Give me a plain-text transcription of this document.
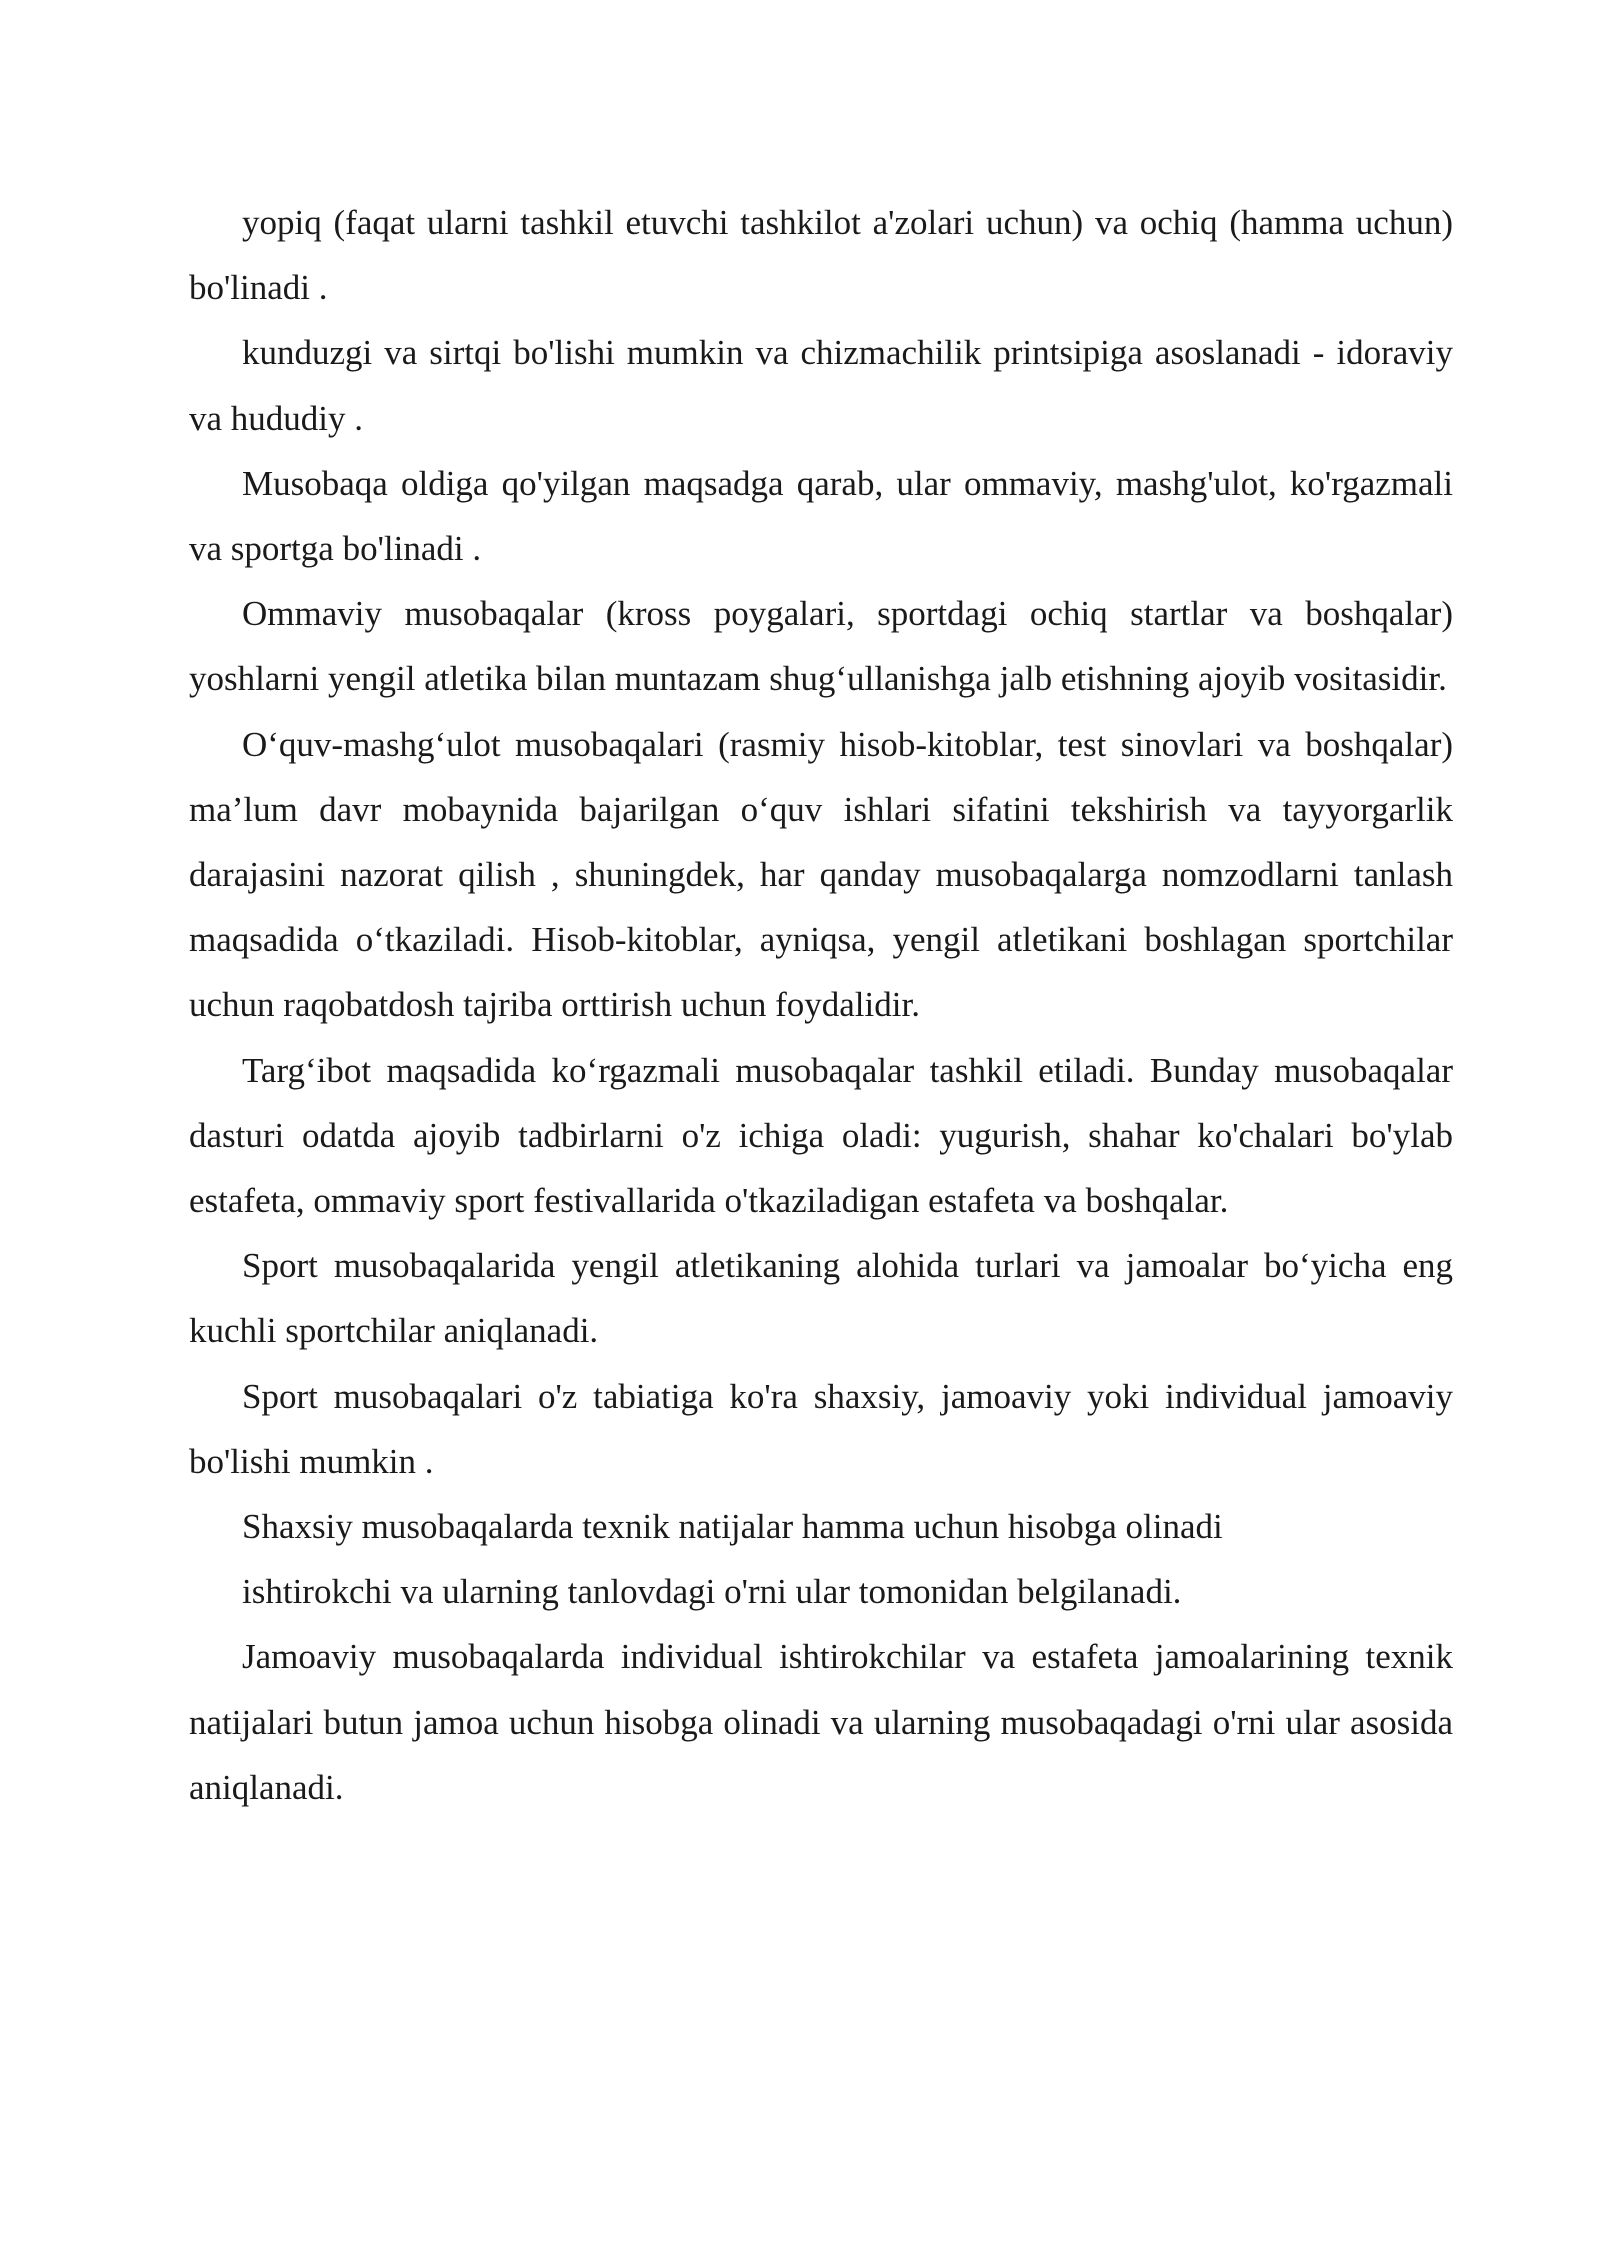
yopiq (faqat ularni tashkil etuvchi tashkilot a'zolari uchun) va ochiq (hamma uchun) bo'linadi .

kunduzgi va sirtqi bo'lishi mumkin va chizmachilik printsipiga asoslanadi - idoraviy va hududiy .

Musobaqa oldiga qo'yilgan maqsadga qarab, ular ommaviy, mashg'ulot, ko'rgazmali va sportga bo'linadi .

Ommaviy musobaqalar (kross poygalari, sportdagi ochiq startlar va boshqalar) yoshlarni yengil atletika bilan muntazam shug‘ullanishga jalb etishning ajoyib vositasidir.

O‘quv-mashg‘ulot musobaqalari (rasmiy hisob-kitoblar, test sinovlari va boshqalar) ma’lum davr mobaynida bajarilgan o‘quv ishlari sifatini tekshirish va tayyorgarlik darajasini nazorat qilish , shuningdek, har qanday musobaqalarga nomzodlarni tanlash maqsadida o‘tkaziladi. Hisob-kitoblar, ayniqsa, yengil atletikani boshlagan sportchilar uchun raqobatdosh tajriba orttirish uchun foydalidir.

Targ‘ibot maqsadida ko‘rgazmali musobaqalar tashkil etiladi. Bunday musobaqalar dasturi odatda ajoyib tadbirlarni o'z ichiga oladi: yugurish, shahar ko'chalari bo'ylab estafeta, ommaviy sport festivallarida o'tkaziladigan estafeta va boshqalar.

Sport musobaqalarida yengil atletikaning alohida turlari va jamoalar bo‘yicha eng kuchli sportchilar aniqlanadi.

Sport musobaqalari o'z tabiatiga ko'ra shaxsiy, jamoaviy yoki individual jamoaviy bo'lishi mumkin .

Shaxsiy musobaqalarda texnik natijalar hamma uchun hisobga olinadi

ishtirokchi va ularning tanlovdagi o'rni ular tomonidan belgilanadi.

Jamoaviy musobaqalarda individual ishtirokchilar va estafeta jamoalarining texnik natijalari butun jamoa uchun hisobga olinadi va ularning musobaqadagi o'rni ular asosida aniqlanadi.
